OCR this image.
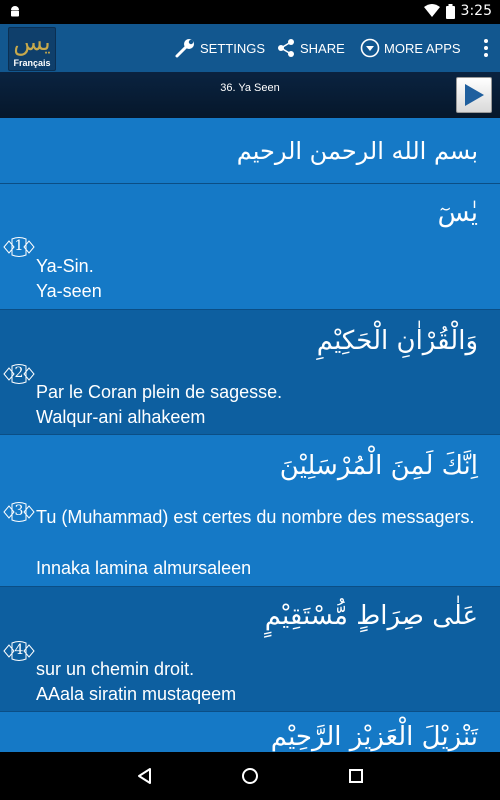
3:25
يس
Français
SETTINGS	SHARE	MORE APPS
36. Ya Seen
بسم الله الرحمن الرحيم
يٰسٓ
1
Ya-Sin.
Ya-seen
وَالْقُرْاٰنِ الْحَكِيْمِ
2
Par le Coran plein de sagesse.
Walqur-ani alhakeem
اِنَّكَ لَمِنَ الْمُرْسَلِيْنَ
3 Tu (Muhammad) est certes du nombre des messagers.
Innaka lamina almursaleen
عَلٰى صِرَاطٍ مُّسْتَقِيْمٍ
4
sur un chemin droit.
AAala siratin mustaqeem
تَنْزِيْلَ الْعَزِيْزِ الرَّحِيْمِ
